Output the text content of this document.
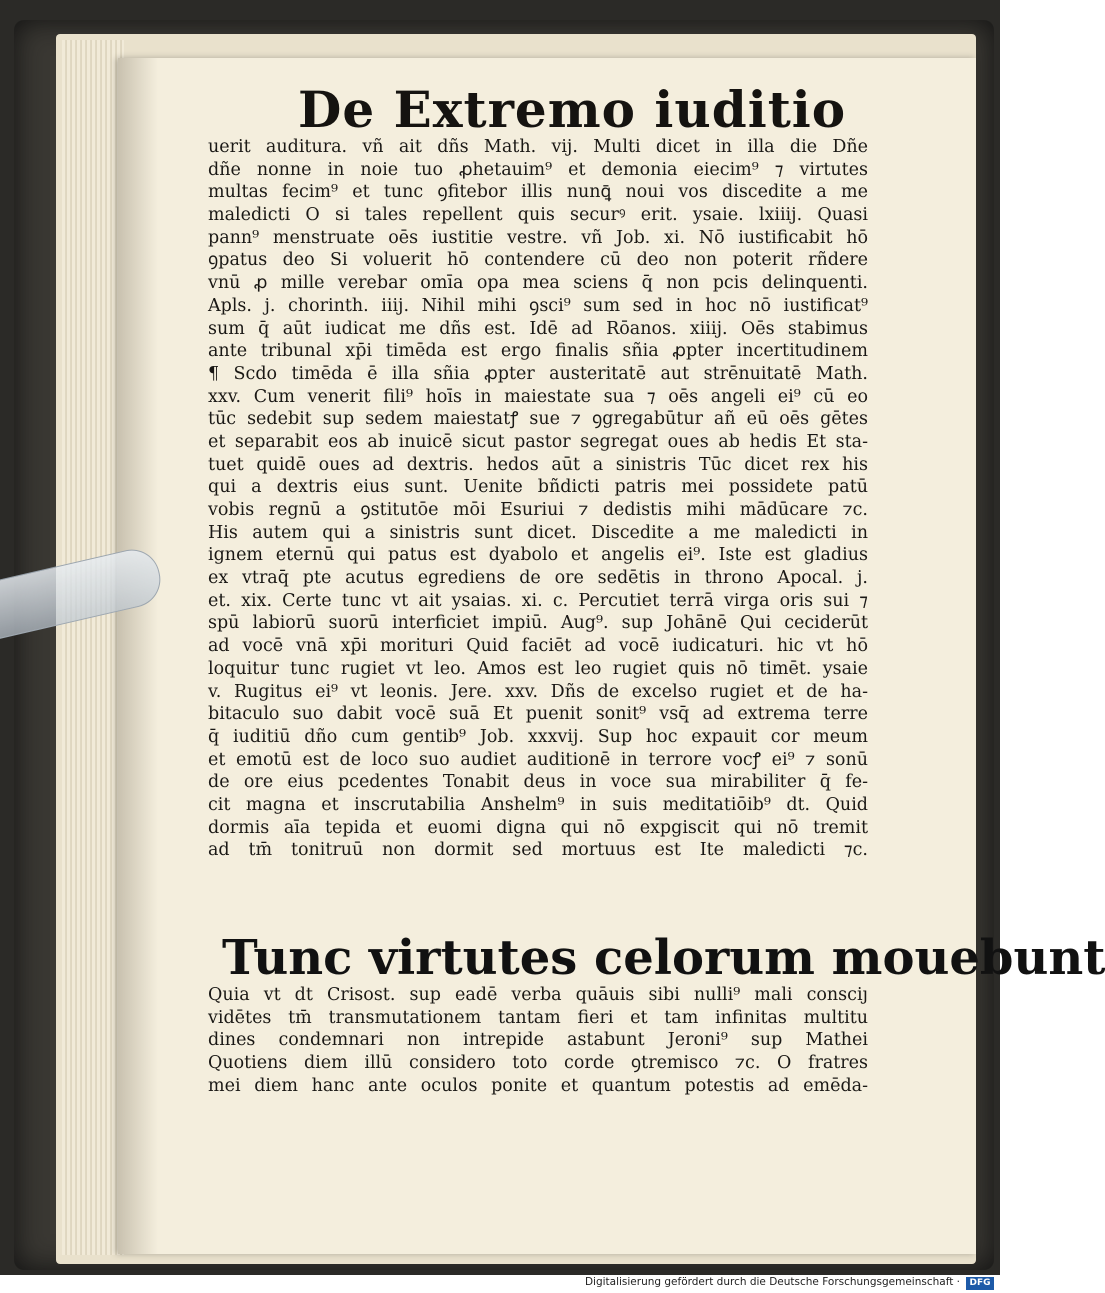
De Extremo iuditio
uerit auditura. vñ ait dñs Math. vij. Multi dicet in illa die Dñe
dñe nonne in noie tuo ꝓhetauim⁹ et demonia eiecim⁹ ⁊ virtutes
multas fecim⁹ et tunc ꝯfitebor illis nunꝗ̄ noui vos discedite a me
maledicti O si tales repellent quis securꝰ erit. ysaie. lxiiij. Quasi
pann⁹ menstruate oēs iustitie vestre. vñ Job. xi. Nō iustificabit hō
ꝯpatus deo Si voluerit hō contendere cū deo non poterit rñdere
vnū ꝓ mille verebar omīa opa mea sciens q̄ non pcis delinquenti.
Apls. j. chorinth. iiij. Nihil mihi ꝯsci⁹ sum sed in hoc nō iustificat⁹
sum q̄ aūt iudicat me dñs est. Idē ad Rōanos. xiiij. Oēs stabimus
ante tribunal xp̄i timēda est ergo finalis sñia ꝓpter incertitudinem
¶ Scdo timēda ē illa sñia ꝓpter austeritatē aut strēnuitatē Math.
xxv. Cum venerit fili⁹ hoīs in maiestate sua ⁊ oēs angeli ei⁹ cū eo
tūc sedebit sup sedem maiestatꝭ sue ⁊ ꝯgregabūtur añ eū oēs gētes
et separabit eos ab inuicē sicut pastor segregat oues ab hedis Et sta-
tuet quidē oues ad dextris. hedos aūt a sinistris Tūc dicet rex his
qui a dextris eius sunt. Uenite bñdicti patris mei possidete patū
vobis regnū a ꝯstitutōe mōi Esuriui ⁊ dedistis mihi mādūcare ⁊c.
His autem qui a sinistris sunt dicet. Discedite a me maledicti in
ignem eternū qui patus est dyabolo et angelis ei⁹. Iste est gladius
ex vtraq̄ pte acutus egrediens de ore sedētis in throno Apocal. j.
et. xix. Certe tunc vt ait ysaias. xi. c. Percutiet terrā virga oris sui ⁊
spū labiorū suorū interficiet impiū. Aug⁹. sup Johānē Qui ceciderūt
ad vocē vnā xp̄i morituri Quid faciēt ad vocē iudicaturi. hic vt hō
loquitur tunc rugiet vt leo. Amos est leo rugiet quis nō timēt. ysaie
v. Rugitus ei⁹ vt leonis. Jere. xxv. Dñs de excelso rugiet et de ha-
bitaculo suo dabit vocē suā Et puenit sonit⁹ vsq̄ ad extrema terre
q̄ iuditiū dño cum gentib⁹ Job. xxxvij. Sup hoc expauit cor meum
et emotū est de loco suo audiet auditionē in terrore vocꝭ ei⁹ ⁊ sonū
de ore eius pcedentes Tonabit deus in voce sua mirabiliter q̄ fe-
cit magna et inscrutabilia Anshelm⁹ in suis meditatiōib⁹ dt. Quid
dormis aīa tepida et euomi digna qui nō expgiscit qui nō tremit
ad tm̄ tonitruū non dormit sed mortuus est Ite maledicti ⁊c.
Tunc virtutes celorum mouebunt
Quia vt dt Crisost. sup eadē verba quāuis sibi nulli⁹ mali consciȷ
vidētes tm̄ transmutationem tantam fieri et tam infinitas multitu
dines condemnari non intrepide astabunt Jeroni⁹ sup Mathei
Quotiens diem illū considero toto corde ꝯtremisco ⁊c. O fratres
mei diem hanc ante oculos ponite et quantum potestis ad emēda-
Digitalisierung gefördert durch die Deutsche Forschungsgemeinschaft ·	DFG
